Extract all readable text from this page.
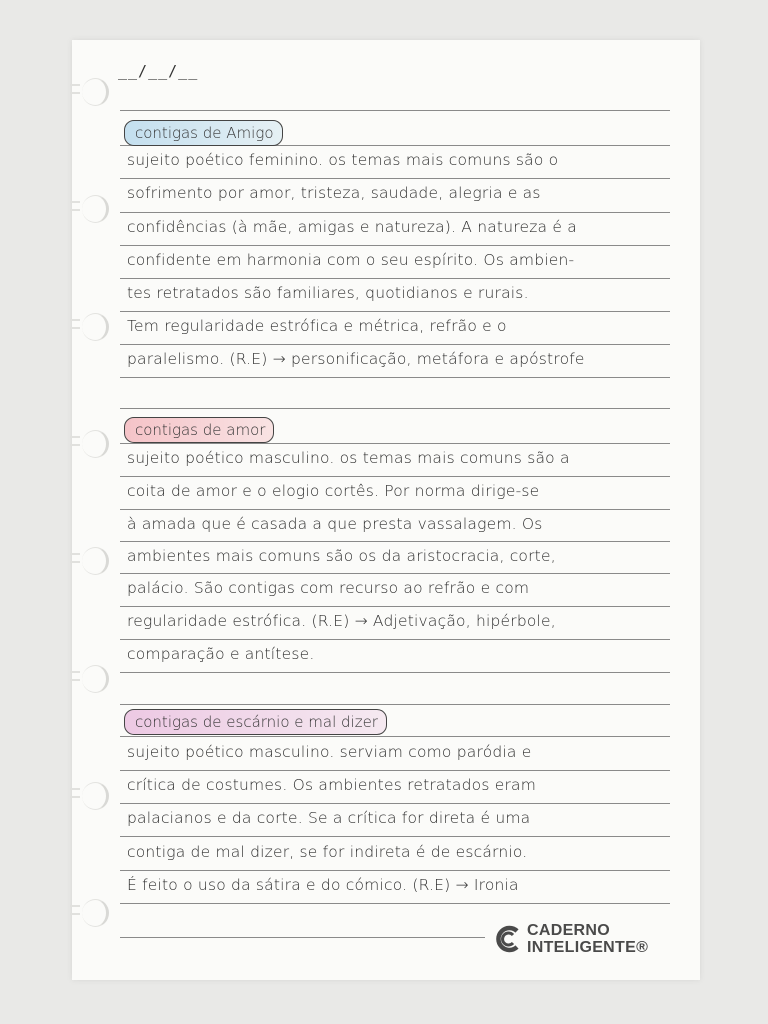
__/__/__
contigas de Amigo
sujeito poético feminino. os temas mais comuns são o
sofrimento por amor, tristeza, saudade, alegria e as
confidências (à mãe, amigas e natureza). A natureza é a
confidente em harmonia com o seu espírito. Os ambien-
tes retratados são familiares, quotidianos e rurais.
Tem regularidade estrófica e métrica, refrão e o
paralelismo. (R.E) → personificação, metáfora e apóstrofe
contigas de amor
sujeito poético masculino. os temas mais comuns são a
coita de amor e o elogio cortês. Por norma dirige-se
à amada que é casada a que presta vassalagem. Os
ambientes mais comuns são os da aristocracia, corte,
palácio. São contigas com recurso ao refrão e com
regularidade estrófica. (R.E) → Adjetivação, hipérbole,
comparação e antítese.
contigas de escárnio e mal dizer
sujeito poético masculino. serviam como paródia e
crítica de costumes. Os ambientes retratados eram
palacianos e da corte. Se a crítica for direta é uma
contiga de mal dizer, se for indireta é de escárnio.
É feito o uso da sátira e do cómico. (R.E) → Ironia
CADERNO
INTELIGENTE®
